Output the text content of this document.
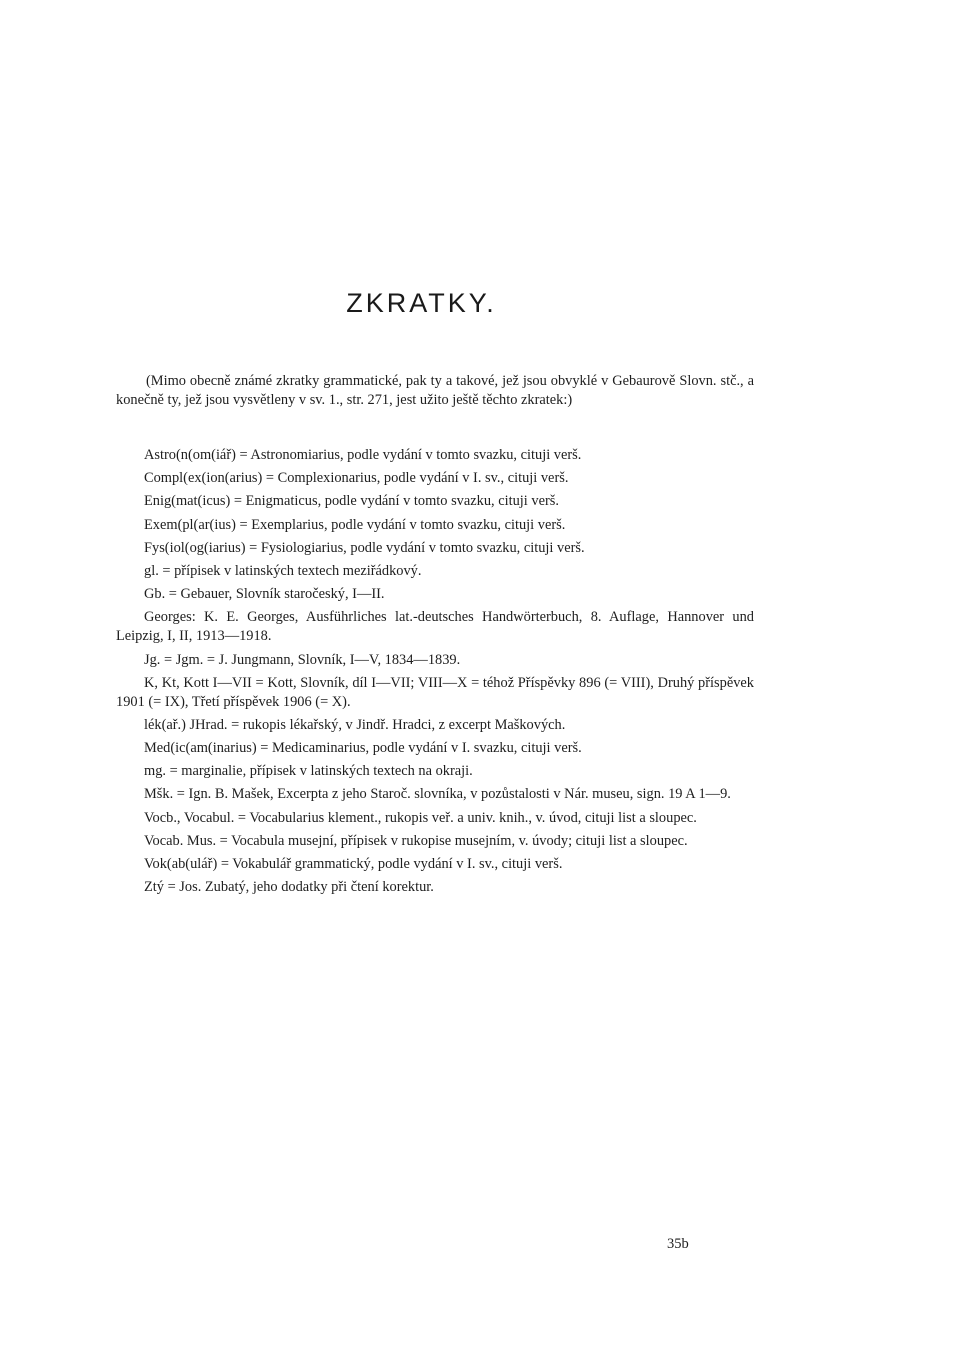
ZKRATKY.

(Mimo obecně známé zkratky grammatické, pak ty a takové, jež jsou obvyklé v Gebaurově Slovn. stč., a konečně ty, jež jsou vysvětleny v sv. 1., str. 271, jest užito ještě těchto zkratek:)

Astro(n(om(iář) = Astronomiarius, podle vydání v tomto svazku, cituji verš.
Compl(ex(ion(arius) = Complexionarius, podle vydání v I. sv., cituji verš.
Enig(mat(icus) = Enigmaticus, podle vydání v tomto svazku, cituji verš.
Exem(pl(ar(ius) = Exemplarius, podle vydání v tomto svazku, cituji verš.
Fys(iol(og(iarius) = Fysiologiarius, podle vydání v tomto svazku, cituji verš.
gl. = přípisek v latinských textech meziřádkový.
Gb. = Gebauer, Slovník staročeský, I—II.
Georges: K. E. Georges, Ausführliches lat.-deutsches Handwörterbuch, 8. Auflage, Hannover und Leipzig, I, II, 1913—1918.
Jg. = Jgm. = J. Jungmann, Slovník, I—V, 1834—1839.
K, Kt, Kott I—VII = Kott, Slovník, díl I—VII; VIII—X = téhož Příspěvky 896 (= VIII), Druhý příspěvek 1901 (= IX), Třetí příspěvek 1906 (= X).
lék(ař.) JHrad. = rukopis lékařský, v Jindř. Hradci, z excerpt Maškových.
Med(ic(am(inarius) = Medicaminarius, podle vydání v I. svazku, cituji verš.
mg. = marginalie, přípisek v latinských textech na okraji.
Mšk. = Ign. B. Mašek, Excerpta z jeho Staroč. slovníka, v pozůstalosti v Nár. museu, sign. 19 A 1—9.
Vocb., Vocabul. = Vocabularius klement., rukopis veř. a univ. knih., v. úvod, cituji list a sloupec.
Vocab. Mus. = Vocabula musejní, přípisek v rukopise musejním, v. úvody; cituji list a sloupec.
Vok(ab(ulář) = Vokabulář grammatický, podle vydání v I. sv., cituji verš.
Ztý = Jos. Zubatý, jeho dodatky při čtení korektur.
35b
